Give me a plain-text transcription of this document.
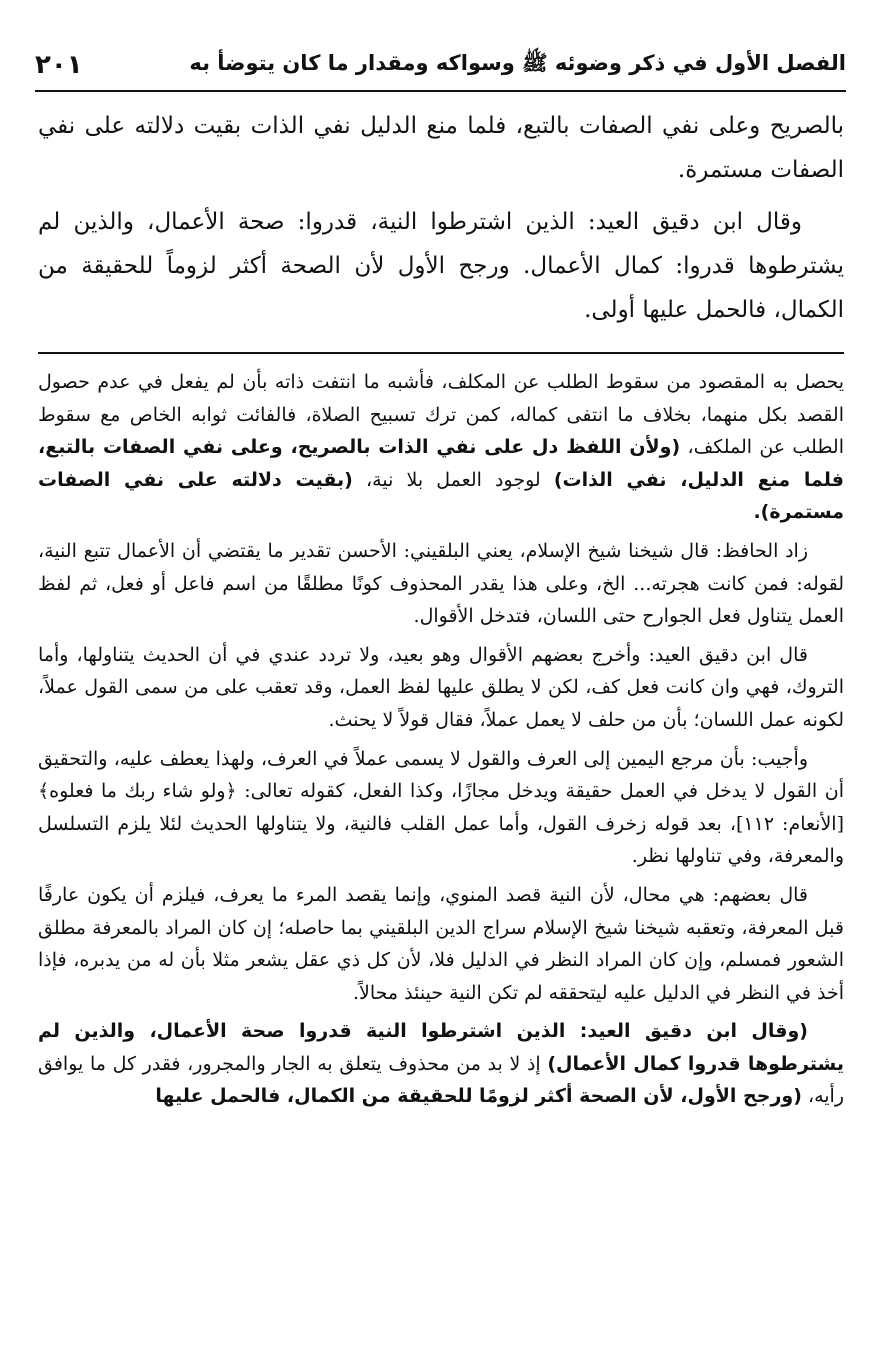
الفصل الأول في ذكر وضوئه ﷺ وسواكه ومقدار ما كان يتوضأ به
٢٠١

بالصريح وعلى نفي الصفات بالتبع، فلما منع الدليل نفي الذات بقيت دلالته على نفي الصفات مستمرة.

وقال ابن دقيق العيد: الذين اشترطوا النية، قدروا: صحة الأعمال، والذين لم يشترطوها قدروا: كمال الأعمال. ورجح الأول لأن الصحة أكثر لزوماً للحقيقة من الكمال، فالحمل عليها أولى.

يحصل به المقصود من سقوط الطلب عن المكلف، فأشبه ما انتفت ذاته بأن لم يفعل في عدم حصول القصد بكل منهما، بخلاف ما انتفى كماله، كمن ترك تسبيح الصلاة، فالفائت ثوابه الخاص مع سقوط الطلب عن الملكف، (ولأن اللفظ دل على نفي الذات بالصريح، وعلى نفي الصفات بالتبع، فلما منع الدليل، نفي الذات) لوجود العمل بلا نية، (بقيت دلالته على نفي الصفات مستمرة).

زاد الحافظ: قال شيخنا شيخ الإسلام، يعني البلقيني: الأحسن تقدير ما يقتضي أن الأعمال تتبع النية، لقوله: فمن كانت هجرته... الخ، وعلى هذا يقدر المحذوف كونًا مطلقًا من اسم فاعل أو فعل، ثم لفظ العمل يتناول فعل الجوارح حتى اللسان، فتدخل الأقوال.

قال ابن دقيق العيد: وأخرج بعضهم الأقوال وهو بعيد، ولا تردد عندي في أن الحديث يتناولها، وأما التروك، فهي وان كانت فعل كف، لكن لا يطلق عليها لفظ العمل، وقد تعقب على من سمى القول عملاً، لكونه عمل اللسان؛ بأن من حلف لا يعمل عملاً، فقال قولاً لا يحنث.

وأجيب: بأن مرجع اليمين إلى العرف والقول لا يسمى عملاً في العرف، ولهذا يعطف عليه، والتحقيق أن القول لا يدخل في العمل حقيقة ويدخل مجازًا، وكذا الفعل، كقوله تعالى: ﴿ولو شاء ربك ما فعلوه﴾ [الأنعام: ١١٢]، بعد قوله زخرف القول، وأما عمل القلب فالنية، ولا يتناولها الحديث لئلا يلزم التسلسل والمعرفة، وفي تناولها نظر.

قال بعضهم: هي محال، لأن النية قصد المنوي، وإنما يقصد المرء ما يعرف، فيلزم أن يكون عارفًا قبل المعرفة، وتعقبه شيخنا شيخ الإسلام سراج الدين البلقيني بما حاصله؛ إن كان المراد بالمعرفة مطلق الشعور فمسلم، وإن كان المراد النظر في الدليل فلا، لأن كل ذي عقل يشعر مثلا بأن له من يدبره، فإذا أخذ في النظر في الدليل عليه ليتحققه لم تكن النية حينئذ محالاً.

(وقال ابن دقيق العيد: الذين اشترطوا النية قدروا صحة الأعمال، والذين لم يشترطوها قدروا كمال الأعمال) إذ لا بد من محذوف يتعلق به الجار والمجرور، فقدر كل ما يوافق رأيه، (ورجح الأول، لأن الصحة أكثر لزومًا للحقيقة من الكمال، فالحمل عليها
